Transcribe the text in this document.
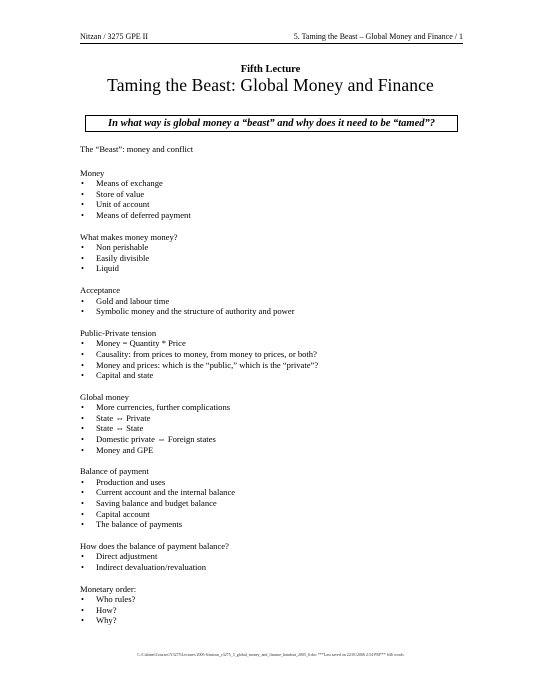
Nitzan / 3275 GPE II	5. Taming the Beast – Global Money and Finance / 1
Fifth Lecture
Taming the Beast: Global Money and Finance
In what way is global money a “beast” and why does it need to be “tamed”?

The “Beast”: money and conflict

Money
• Means of exchange
• Store of value
• Unit of account
• Means of deferred payment
What makes money money?
• Non perishable
• Easily divisible
• Liquid
Acceptance
• Gold and labour time
• Symbolic money and the structure of authority and power
Public-Private tension
• Money = Quantity * Price
• Causality: from prices to money, from money to prices, or both?
• Money and prices: which is the “public,” which is the “private”?
• Capital and state
Global money
• More currencies, further complications
• State ⇔ Private
• State ⇔ State
• Domestic private ⇔ Foreign states
• Money and GPE
Balance of payment
• Production and uses
• Current account and the internal balance
• Saving balance and budget balance
• Capital account
• The balance of payments
How does the balance of payment balance?
• Direct adjustment
• Indirect devaluation/revaluation
Monetary order:
• Who rules?
• How?
• Why?
C:\Cabinet\Courses\Y3275\Lectures 2005-6\nitzan_y3275_5_global_money_and_finance_handout_2005_6.doc ***Last saved on 22/01/2006 2:54 PM*** 646 words
